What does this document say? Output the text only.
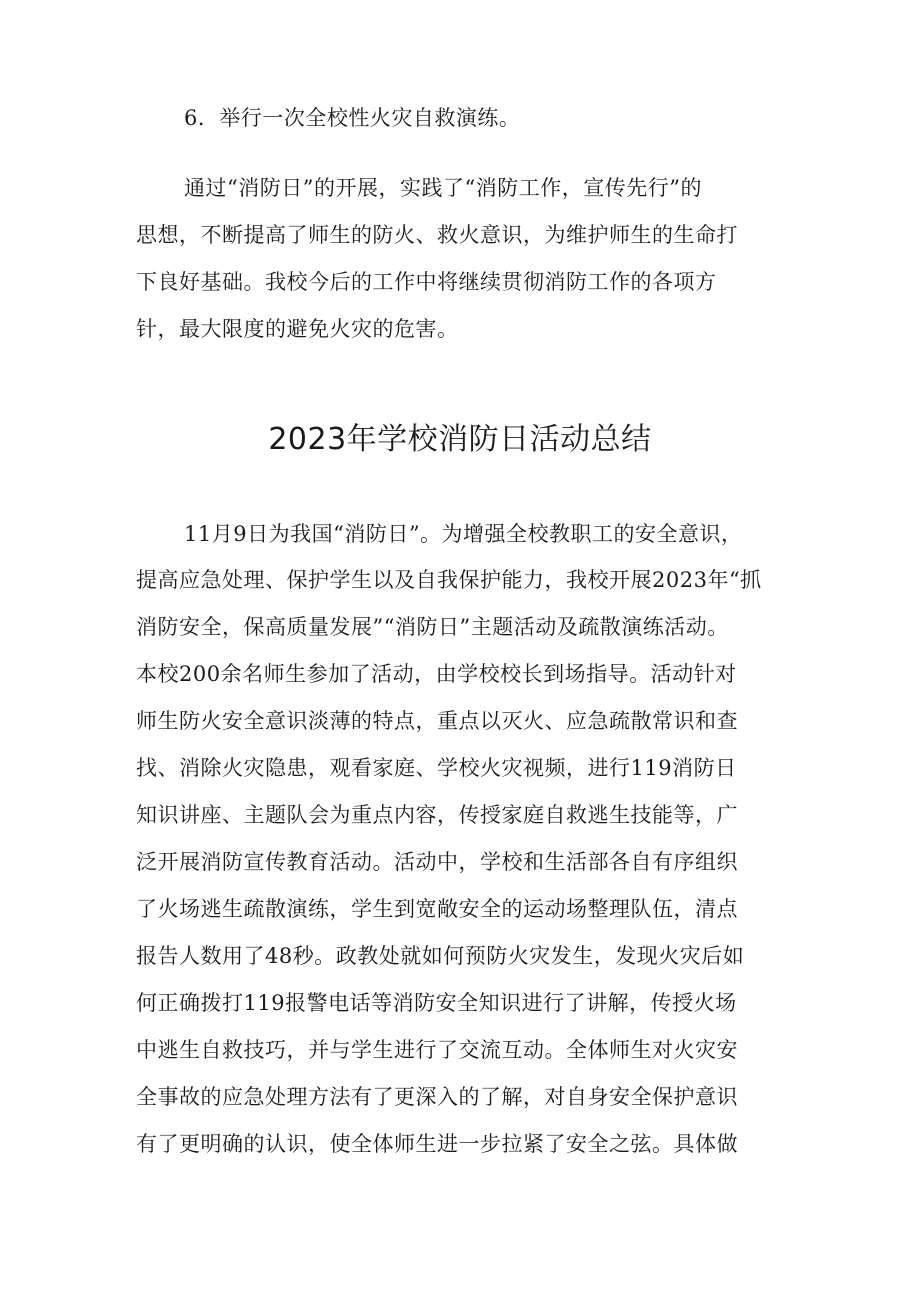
6．举行一次全校性火灾自救演练。
通过“消防日”的开展，实践了“消防工作，宣传先行”的
思想，不断提高了师生的防火、救火意识，为维护师生的生命打
下良好基础。我校今后的工作中将继续贯彻消防工作的各项方
针，最大限度的避免火灾的危害。
2023年学校消防日活动总结
11月9日为我国“消防日”。为增强全校教职工的安全意识，
提高应急处理、保护学生以及自我保护能力，我校开展2023年“抓
消防安全，保高质量发展”“消防日”主题活动及疏散演练活动。
本校200余名师生参加了活动，由学校校长到场指导。活动针对
师生防火安全意识淡薄的特点，重点以灭火、应急疏散常识和查
找、消除火灾隐患，观看家庭、学校火灾视频，进行119消防日
知识讲座、主题队会为重点内容，传授家庭自救逃生技能等，广
泛开展消防宣传教育活动。活动中，学校和生活部各自有序组织
了火场逃生疏散演练，学生到宽敞安全的运动场整理队伍，清点
报告人数用了48秒。政教处就如何预防火灾发生，发现火灾后如
何正确拨打119报警电话等消防安全知识进行了讲解，传授火场
中逃生自救技巧，并与学生进行了交流互动。全体师生对火灾安
全事故的应急处理方法有了更深入的了解，对自身安全保护意识
有了更明确的认识，使全体师生进一步拉紧了安全之弦。具体做
